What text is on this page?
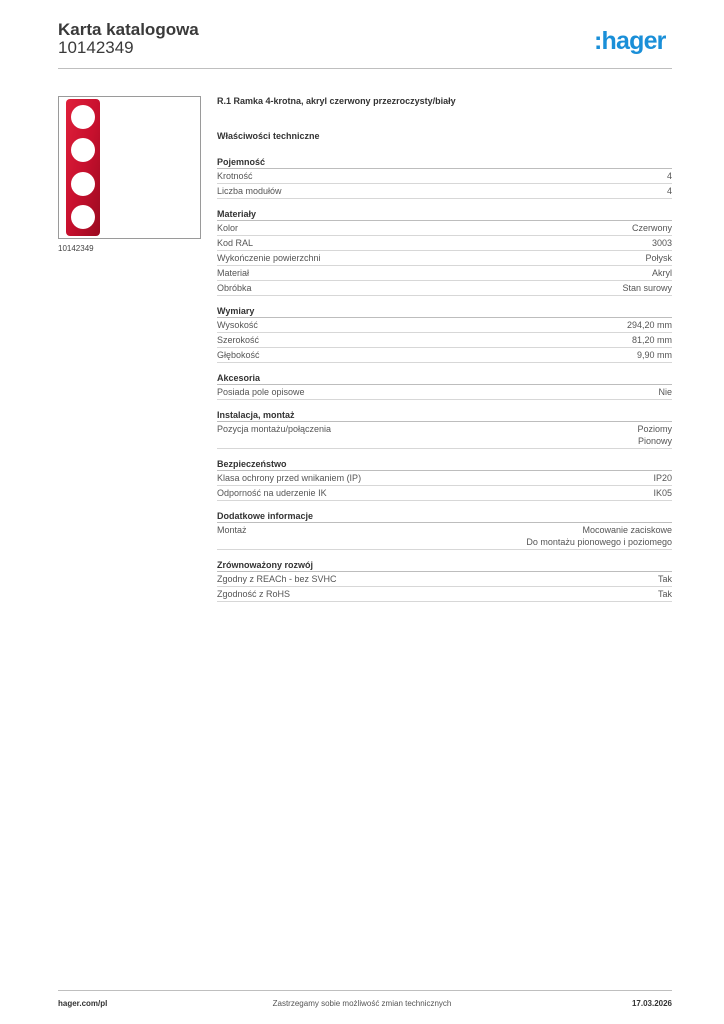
Karta katalogowa
10142349	:hager
10142349
R.1 Ramka 4-krotna, akryl czerwony przezroczysty/biały
Właściwości techniczne
Pojemność
Krotność	4
Liczba modułów	4
Materiały
Kolor	Czerwony
Kod RAL	3003
Wykończenie powierzchni	Połysk
Materiał	Akryl
Obróbka	Stan surowy
Wymiary
Wysokość	294,20 mm
Szerokość	81,20 mm
Głębokość	9,90 mm
Akcesoria
Posiada pole opisowe	Nie
Instalacja, montaż
Pozycja montażu/połączenia	Poziomy
Pionowy
Bezpieczeństwo
Klasa ochrony przed wnikaniem (IP)	IP20
Odporność na uderzenie IK	IK05
Dodatkowe informacje
Montaż	Mocowanie zaciskowe
Do montażu pionowego i poziomego
Zrównoważony rozwój
Zgodny z REACh - bez SVHC	Tak
Zgodność z RoHS	Tak
hager.com/pl	Zastrzegamy sobie możliwość zmian technicznych	17.03.2026
